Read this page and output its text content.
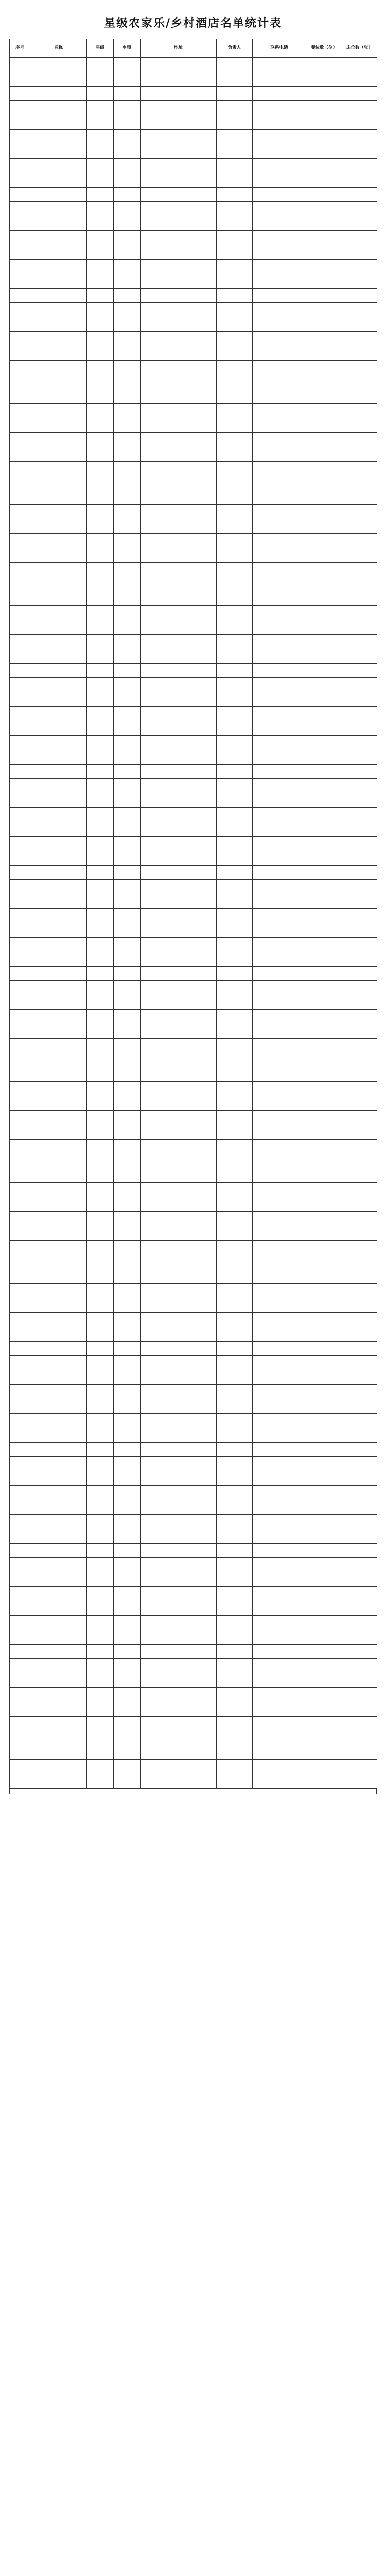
星级农家乐/乡村酒店名单统计表
序号	名称	星级	乡镇	地址	负责人	联系电话	餐位数（位）	床位数（张）
